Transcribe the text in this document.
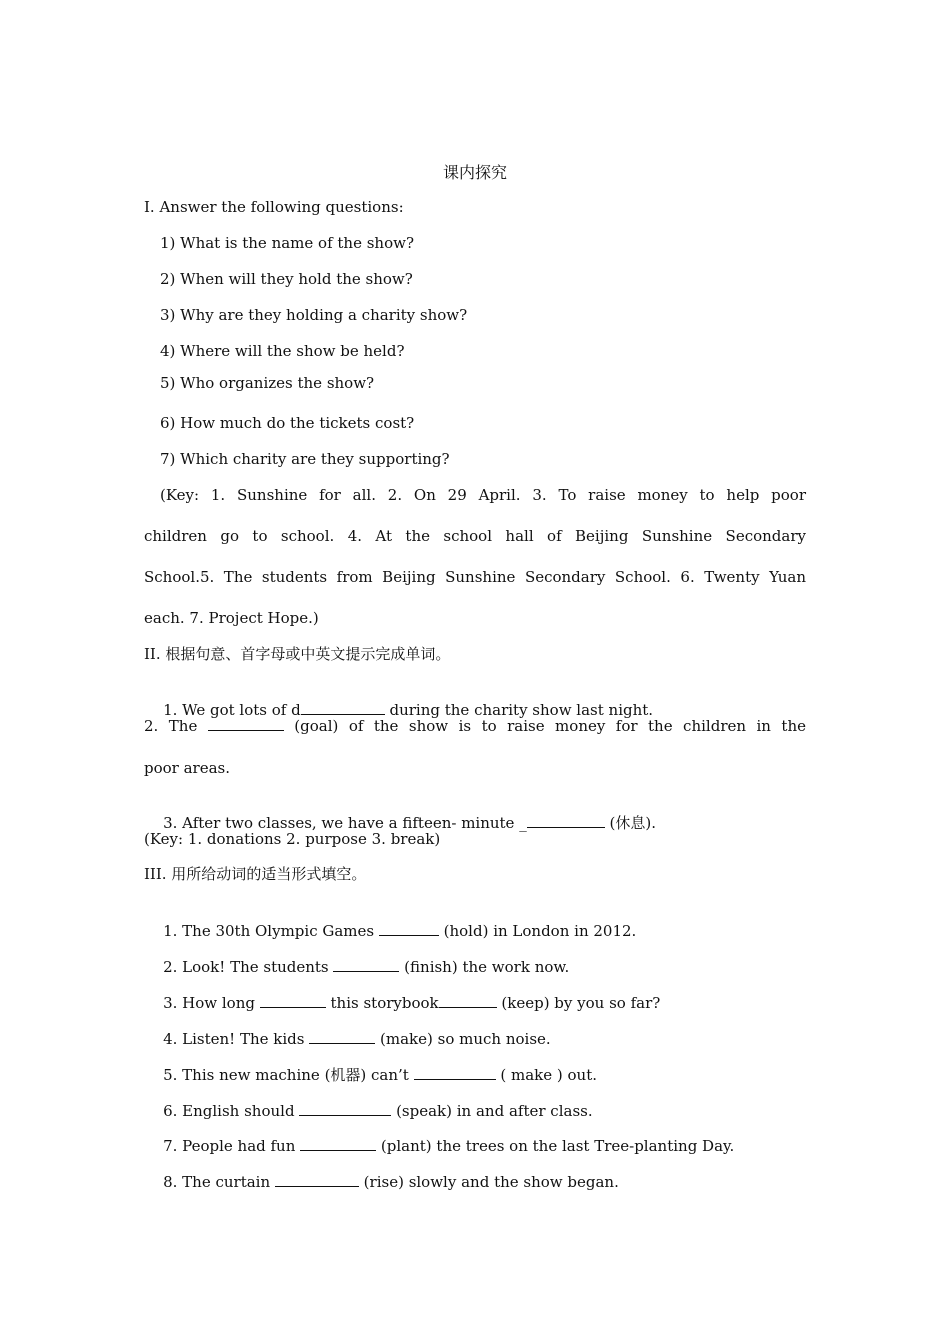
课内探究
I. Answer the following questions:
1) What is the name of the show?
2) When will they hold the show?
3) Why are they holding a charity show?
4) Where will the show be held?
5) Who organizes the show?
6) How much do the tickets cost?
7) Which charity are they supporting?
(Key: 1. Sunshine for all. 2. On 29 April. 3. To raise money to help poor
children go to school. 4. At the school hall of Beijing Sunshine Secondary
School.5. The students from Beijing Sunshine Secondary School. 6. Twenty Yuan
each. 7. Project Hope.)
II. 根据句意、首字母或中英文提示完成单词。

1. We got lots of d	during the charity show last night.

2. The	(goal) of the show is to raise money for the children in the
poor areas.

3. After two classes, we have a fifteen- minute _	(休息).

(Key: 1. donations 2. purpose 3. break)
III. 用所给动词的适当形式填空。

1. The 30th Olympic Games	(hold) in London in 2012.

2. Look! The students	(finish) the work now.

3. How long	this storybook	(keep) by you so far?

4. Listen! The kids	(make) so much noise.

5. This new machine (机器) can’t	( make ) out.

6. English should	(speak) in and after class.

7. People had fun	(plant) the trees on the last Tree-planting Day.

8. The curtain	(rise) slowly and the show began.
